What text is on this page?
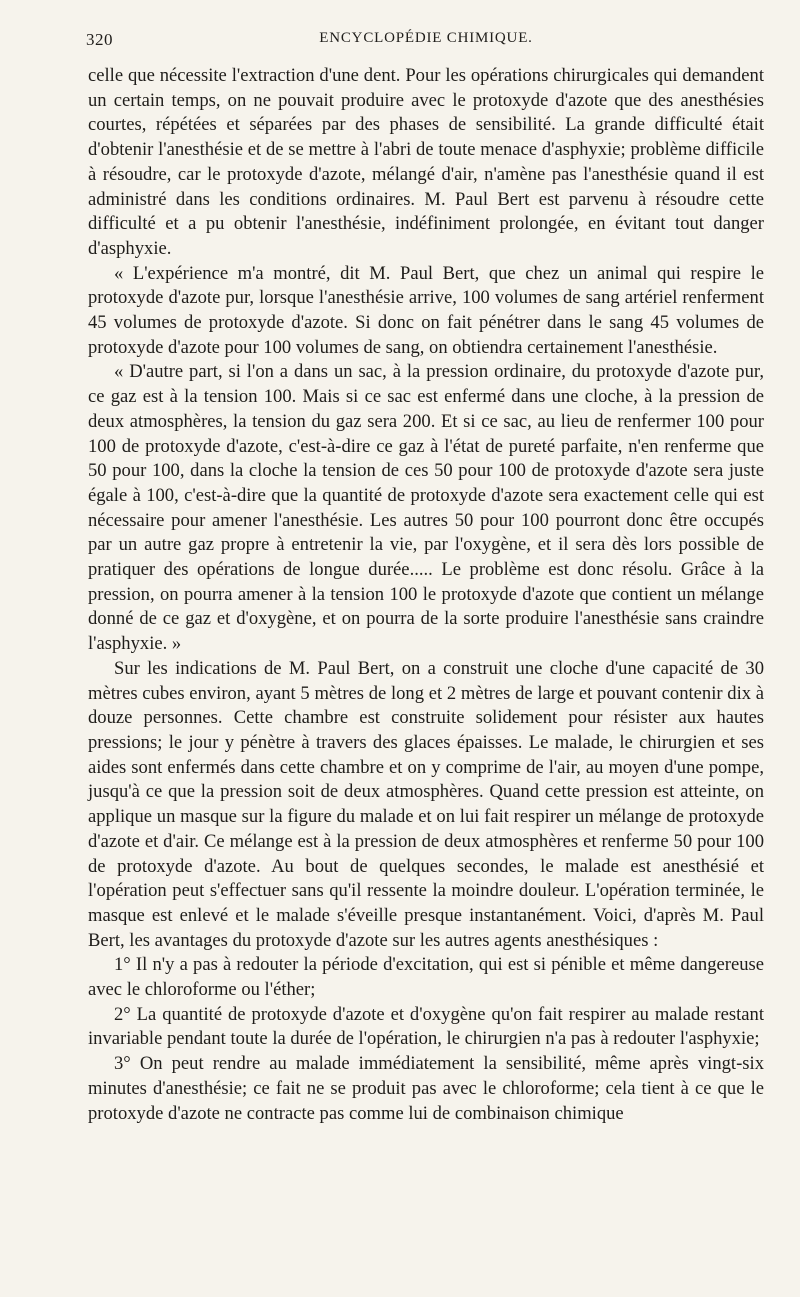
320	ENCYCLOPÉDIE CHIMIQUE.

celle que nécessite l'extraction d'une dent. Pour les opérations chirurgicales qui demandent un certain temps, on ne pouvait produire avec le protoxyde d'azote que des anesthésies courtes, répétées et séparées par des phases de sensibilité. La grande difficulté était d'obtenir l'anesthésie et de se mettre à l'abri de toute menace d'asphyxie; problème difficile à résoudre, car le protoxyde d'azote, mélangé d'air, n'amène pas l'anesthésie quand il est administré dans les conditions ordinaires. M. Paul Bert est parvenu à résoudre cette difficulté et a pu obtenir l'anesthésie, indéfiniment prolongée, en évitant tout danger d'asphyxie.

« L'expérience m'a montré, dit M. Paul Bert, que chez un animal qui respire le protoxyde d'azote pur, lorsque l'anesthésie arrive, 100 volumes de sang artériel renferment 45 volumes de protoxyde d'azote. Si donc on fait pénétrer dans le sang 45 volumes de protoxyde d'azote pour 100 volumes de sang, on obtiendra certainement l'anesthésie.

« D'autre part, si l'on a dans un sac, à la pression ordinaire, du protoxyde d'azote pur, ce gaz est à la tension 100. Mais si ce sac est enfermé dans une cloche, à la pression de deux atmosphères, la tension du gaz sera 200. Et si ce sac, au lieu de renfermer 100 pour 100 de protoxyde d'azote, c'est-à-dire ce gaz à l'état de pureté parfaite, n'en renferme que 50 pour 100, dans la cloche la tension de ces 50 pour 100 de protoxyde d'azote sera juste égale à 100, c'est-à-dire que la quantité de protoxyde d'azote sera exactement celle qui est nécessaire pour amener l'anesthésie. Les autres 50 pour 100 pourront donc être occupés par un autre gaz propre à entretenir la vie, par l'oxygène, et il sera dès lors possible de pratiquer des opérations de longue durée..... Le problème est donc résolu. Grâce à la pression, on pourra amener à la tension 100 le protoxyde d'azote que contient un mélange donné de ce gaz et d'oxygène, et on pourra de la sorte produire l'anesthésie sans craindre l'asphyxie. »

Sur les indications de M. Paul Bert, on a construit une cloche d'une capacité de 30 mètres cubes environ, ayant 5 mètres de long et 2 mètres de large et pouvant contenir dix à douze personnes. Cette chambre est construite solidement pour résister aux hautes pressions; le jour y pénètre à travers des glaces épaisses. Le malade, le chirurgien et ses aides sont enfermés dans cette chambre et on y comprime de l'air, au moyen d'une pompe, jusqu'à ce que la pression soit de deux atmosphères. Quand cette pression est atteinte, on applique un masque sur la figure du malade et on lui fait respirer un mélange de protoxyde d'azote et d'air. Ce mélange est à la pression de deux atmosphères et renferme 50 pour 100 de protoxyde d'azote. Au bout de quelques secondes, le malade est anesthésié et l'opération peut s'effectuer sans qu'il ressente la moindre douleur. L'opération terminée, le masque est enlevé et le malade s'éveille presque instantanément. Voici, d'après M. Paul Bert, les avantages du protoxyde d'azote sur les autres agents anesthésiques :

1° Il n'y a pas à redouter la période d'excitation, qui est si pénible et même dangereuse avec le chloroforme ou l'éther;

2° La quantité de protoxyde d'azote et d'oxygène qu'on fait respirer au malade restant invariable pendant toute la durée de l'opération, le chirurgien n'a pas à redouter l'asphyxie;

3° On peut rendre au malade immédiatement la sensibilité, même après vingt-six minutes d'anesthésie; ce fait ne se produit pas avec le chloroforme; cela tient à ce que le protoxyde d'azote ne contracte pas comme lui de combinaison chimique
